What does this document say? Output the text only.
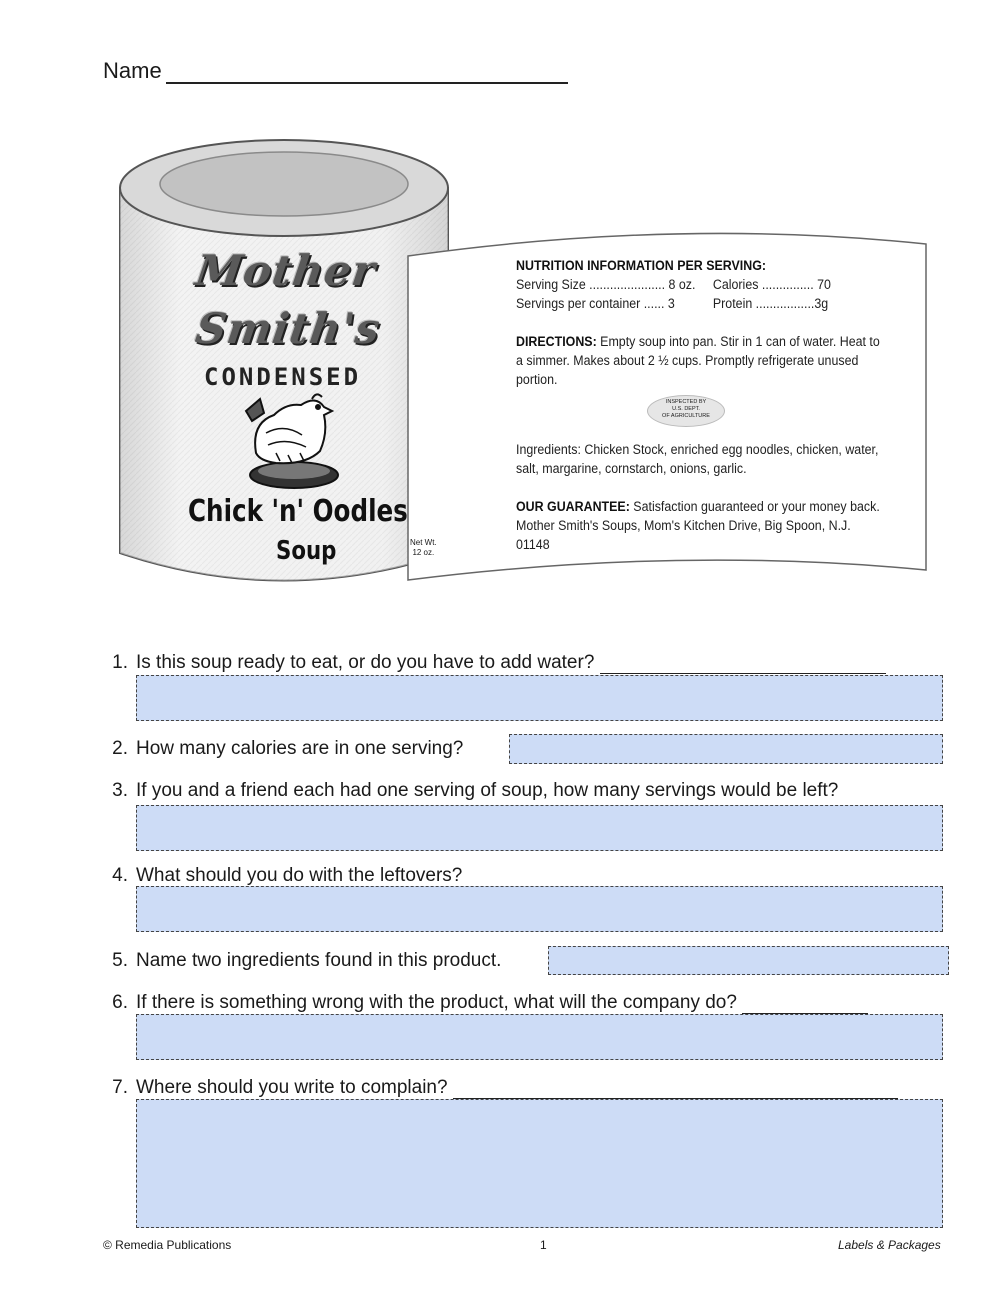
Name
Mother
Smith's
CONDENSED
Chick 'n' Oodles
Soup	Net Wt.
12 oz.
NUTRITION INFORMATION PER SERVING:
Serving Size ...................... 8 oz.	Calories ............... 70
Servings per container ...... 3	Protein .................3g
DIRECTIONS: Empty soup into pan. Stir in 1 can of water. Heat to a simmer. Makes about 2 ½ cups. Promptly refrigerate unused portion.
INSPECTED BY
U.S. DEPT.
OF AGRICULTURE
Ingredients: Chicken Stock, enriched egg noodles, chicken, water, salt, margarine, cornstarch, onions, garlic.
OUR GUARANTEE: Satisfaction guaranteed or your money back. Mother Smith's Soups, Mom's Kitchen Drive, Big Spoon, N.J. 01148
1. Is this soup ready to eat, or do you have to add water?
2. How many calories are in one serving?
3. If you and a friend each had one serving of soup, how many servings would be left?
4. What should you do with the leftovers?
5. Name two ingredients found in this product.
6. If there is something wrong with the product, what will the company do?
7. Where should you write to complain?
© Remedia Publications	1	Labels & Packages
